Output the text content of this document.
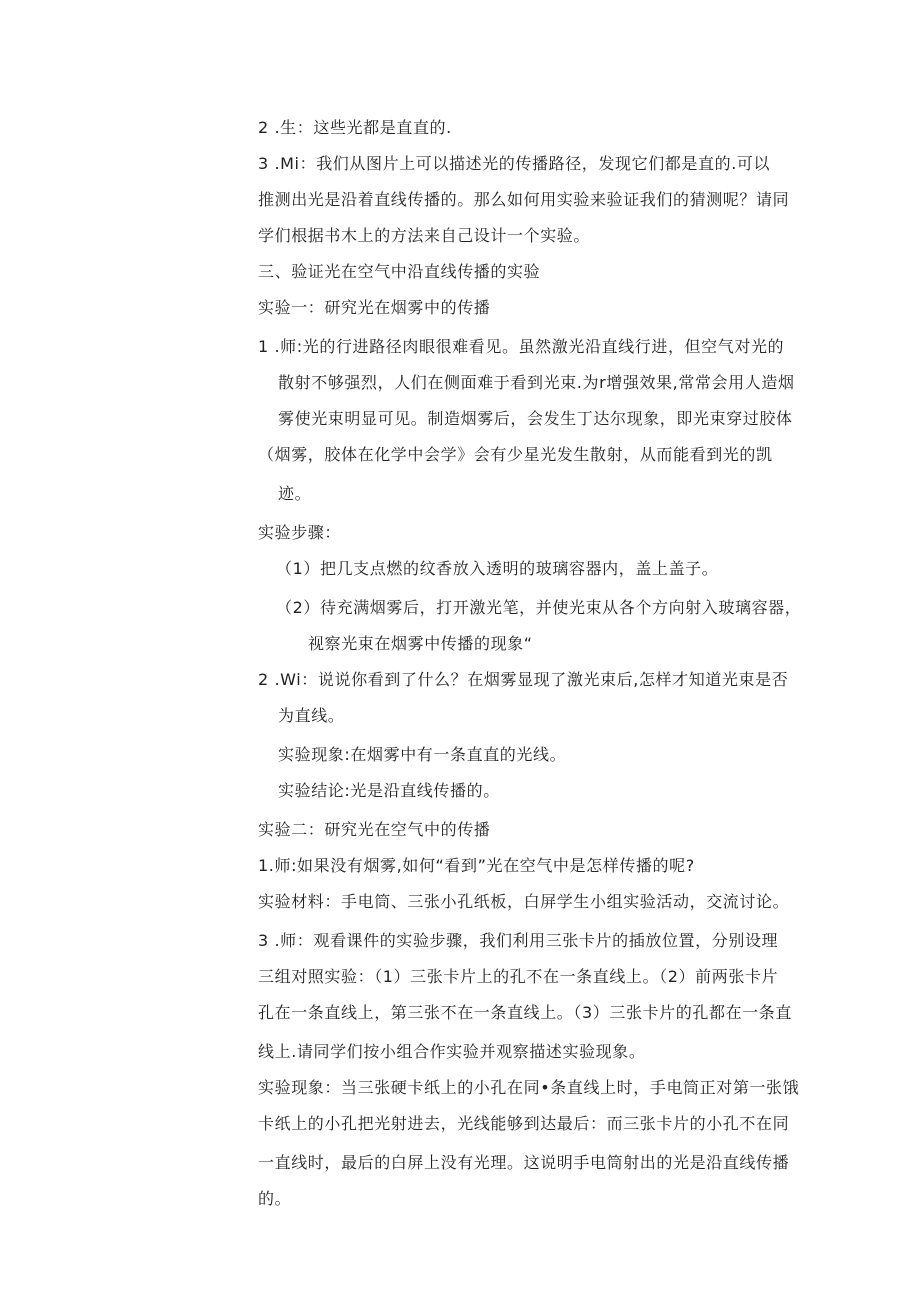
2 .生：这些光都是直直的.
3 .Mi：我们从图片上可以描述光的传播路径，发现它们都是直的.可以
推测出光是沿着直线传播的。那么如何用实验来验证我们的猜测呢？请同
学们根据书木上的方法来自己设计一个实验。
三、验证光在空气中沿直线传播的实验
实验一：研究光在烟雾中的传播
1 .师:光的行进路径肉眼很难看见。虽然激光沿直线行进，但空气对光的
散射不够强烈，人们在侧面难于看到光束.为r增强效果,常常会用人造烟
雾使光束明显可见。制造烟雾后，会发生丁达尔现象，即光束穿过胶体
（烟雾，胶体在化学中会学》会有少星光发生散射，从而能看到光的凯
迹。
实验步骤：
（1）把几支点燃的纹香放入透明的玻璃容器内，盖上盖子。
（2）待充满烟雾后，打开激光笔，并使光束从各个方向射入玻璃容器，
视察光束在烟雾中传播的现象“
2 .Wi：说说你看到了什么？在烟雾显现了激光束后,怎样才知道光束是否
为直线。
实验现象:在烟雾中有一条直直的光线。
实验结论:光是沿直线传播的。
实验二：研究光在空气中的传播
1.师:如果没有烟雾,如何“看到”光在空气中是怎样传播的呢?
实验材料：手电筒、三张小孔纸板，白屏学生小组实验活动，交流讨论。
3 .师：观看课件的实验步骤，我们利用三张卡片的插放位置，分别设理
三组对照实验：（1）三张卡片上的孔不在一条直线上。（2）前两张卡片
孔在一条直线上，第三张不在一条直线上。（3）三张卡片的孔都在一条直
线上.请同学们按小组合作实验并观察描述实验现象。
实验现象：当三张硬卡纸上的小孔在同•条直线上时，手电筒正对第一张饿
卡纸上的小孔把光射进去，光线能够到达最后：而三张卡片的小孔不在同
一直线时，最后的白屏上没有光理。这说明手电筒射出的光是沿直线传播
的。
